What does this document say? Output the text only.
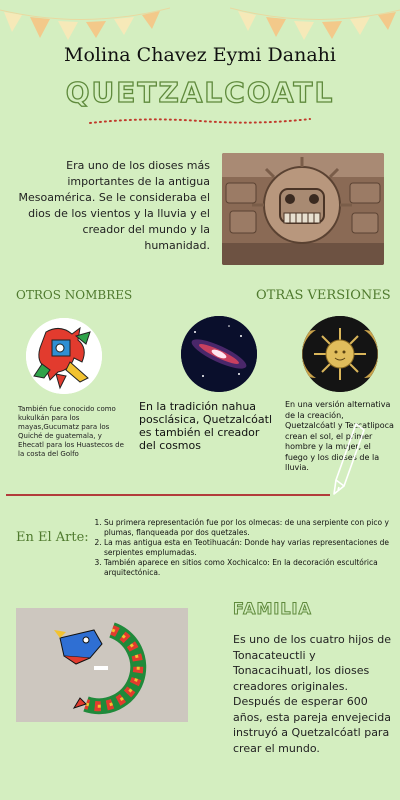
Molina Chavez Eymi Danahi
QUETZALCOATL
Era uno de los dioses más importantes de la antigua Mesoamérica. Se le consideraba el dios de los vientos y la lluvia y el creador del mundo y la humanidad.
OTROS NOMBRES	OTRAS VERSIONES
También fue conocido como kukulkán para los mayas,Gucumatz para los Quiché de guatemala, y Ehecatl para los Huastecos de la costa del Golfo
En la tradición nahua posclásica, Quetzalcóatl es también el creador del cosmos
En una versión alternativa de la creación, Quetzalcóatl y Tezcatlipoca crean el sol, el primer hombre y la mujer, el fuego y los dioses de la lluvia.
En El Arte:
1. Su primera representación fue por los olmecas: de una serpiente con pico y plumas, flanqueada por dos quetzales.
2. La mas antigua esta en Teotihuacán: Donde hay varias representaciones de serpientes emplumadas.
3. También aparece en sitios como Xochicalco: En la decoración escultórica arquitectónica.
FAMILIA
Es uno de los cuatro hijos de Tonacateuctli y Tonacacihuatl, los dioses creadores originales. Después de esperar 600 años, esta pareja envejecida instruyó a Quetzalcóatl para crear el mundo.
